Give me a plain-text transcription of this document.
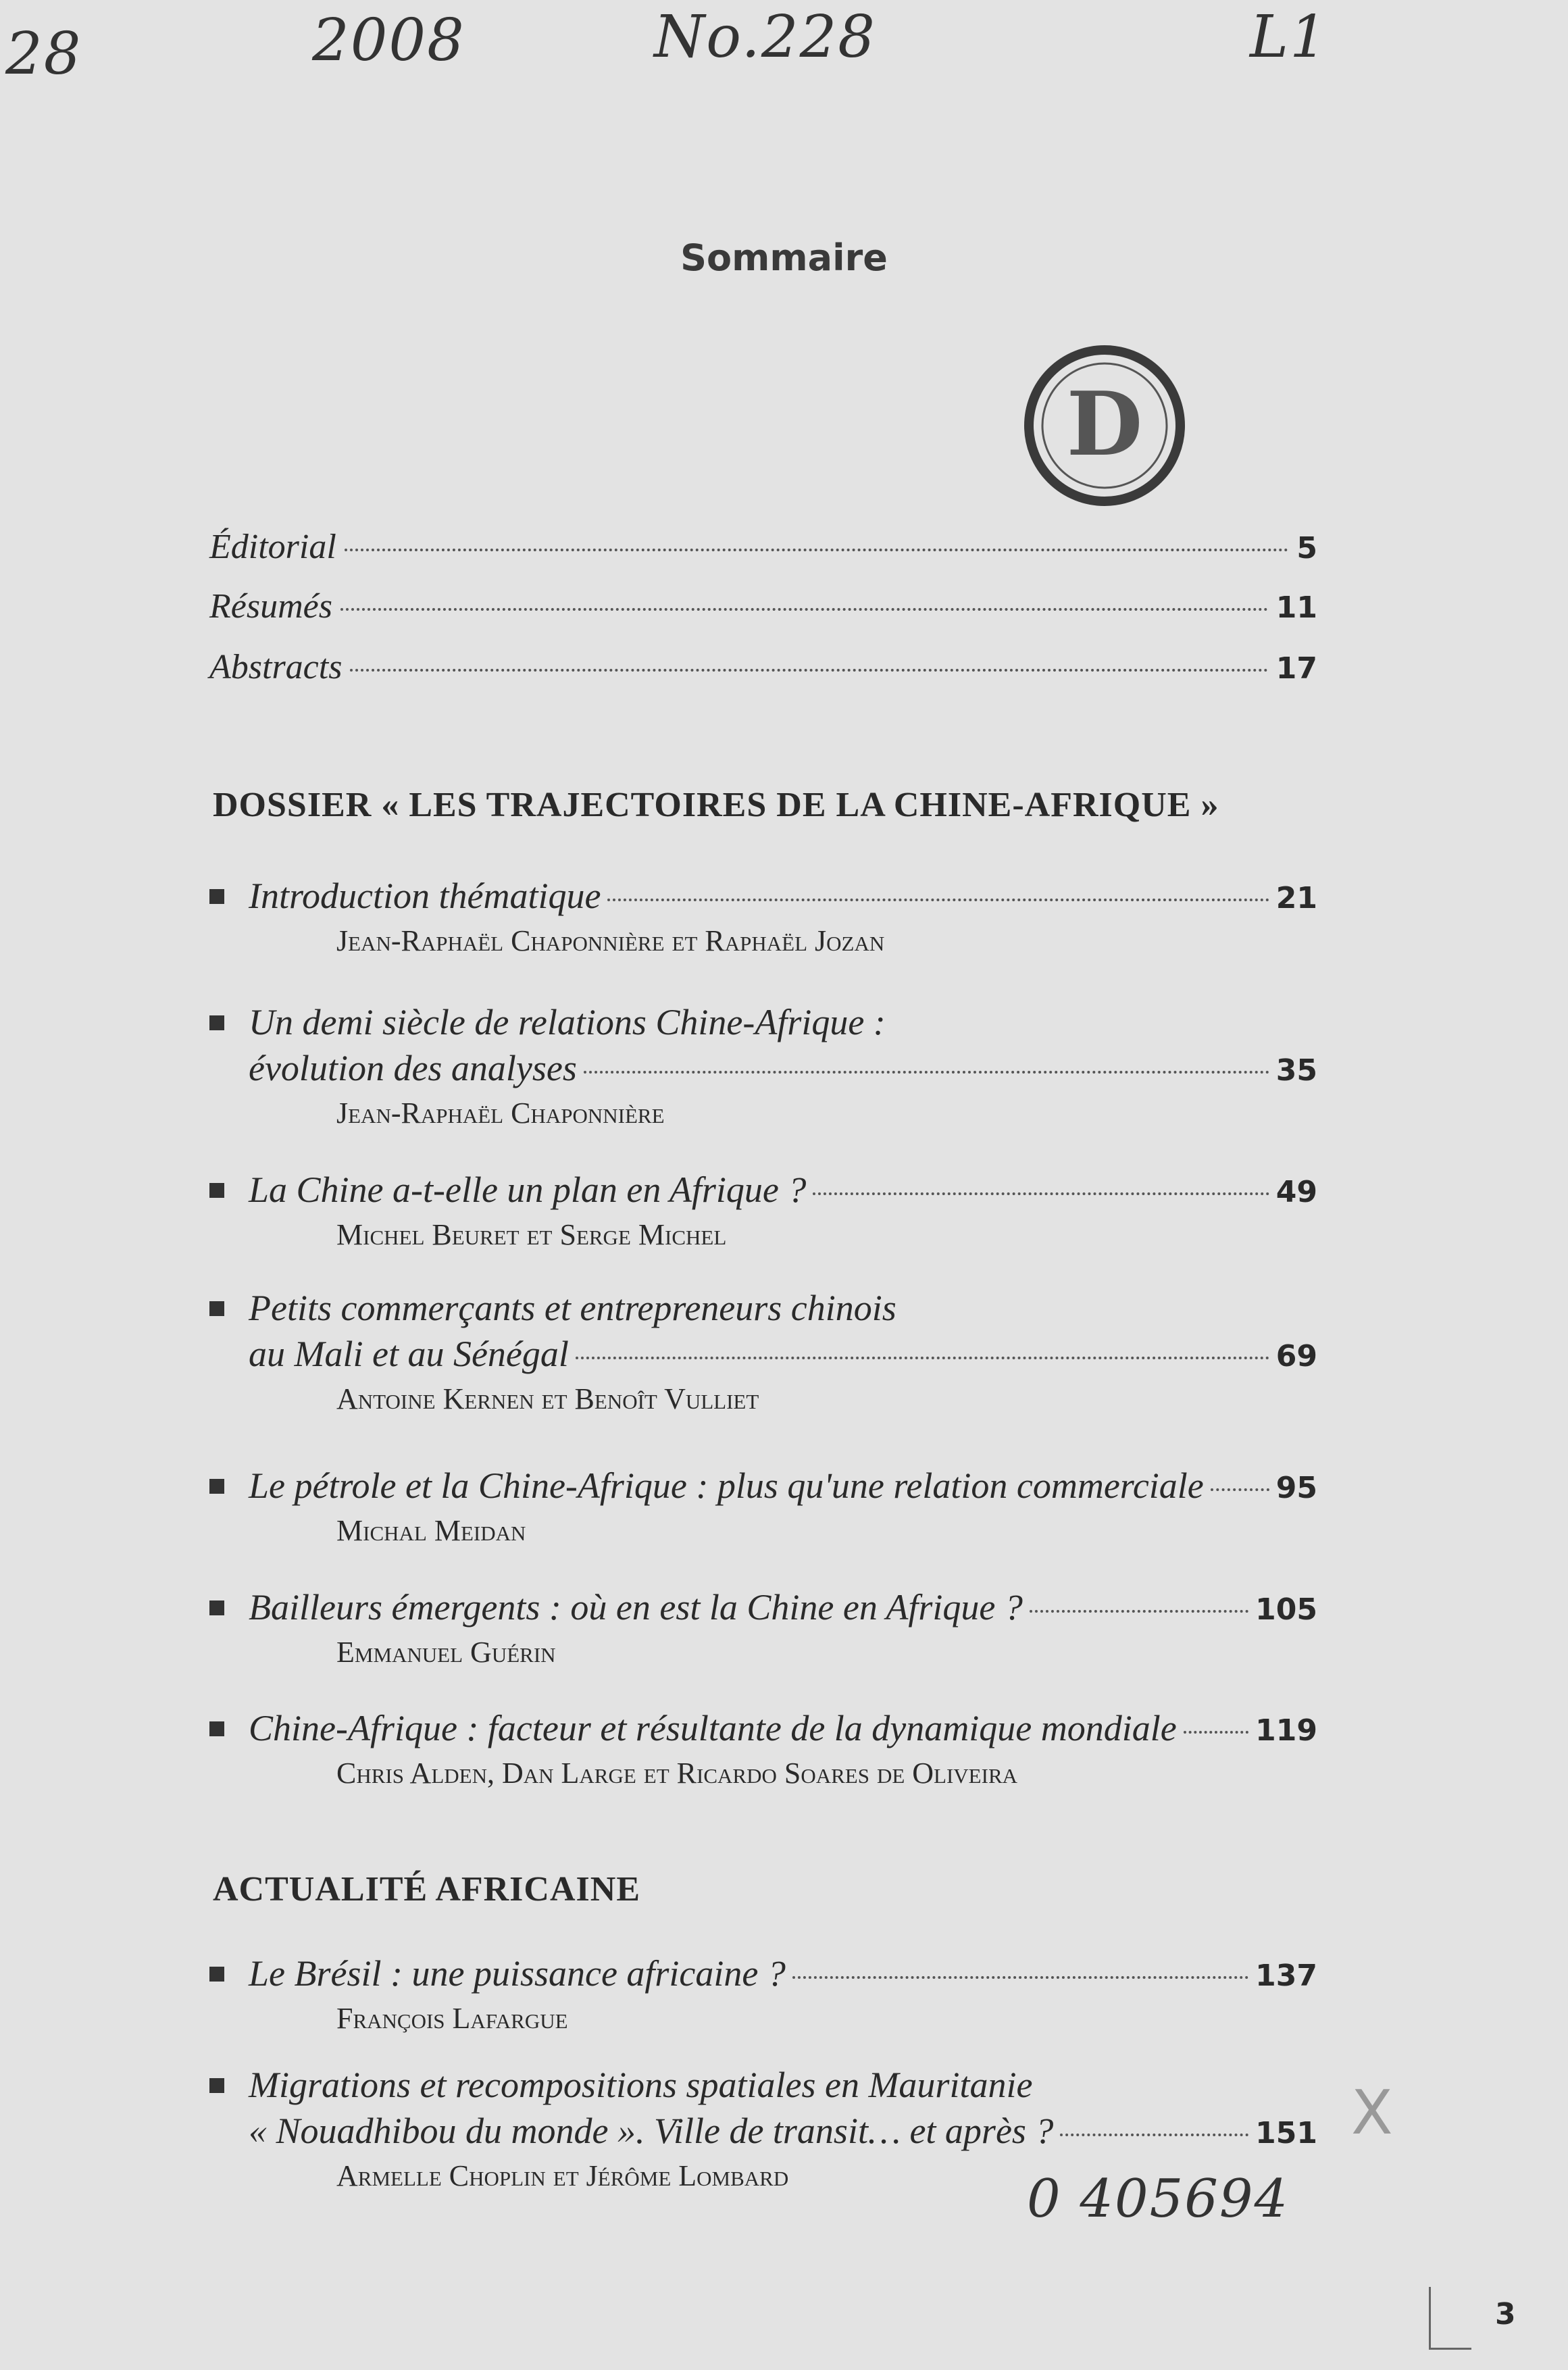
28	2008	No.228	L1
0 405694
X
Sommaire
D
Éditorial	5
Résumés	11
Abstracts	17
DOSSIER « LES TRAJECTOIRES DE LA CHINE-AFRIQUE »
Introduction thématique	21
Jean-Raphaël Chaponnière et Raphaël Jozan
Un demi siècle de relations Chine-Afrique :
évolution des analyses	35
Jean-Raphaël Chaponnière
La Chine a-t-elle un plan en Afrique ?	49
Michel Beuret et Serge Michel
Petits commerçants et entrepreneurs chinois
au Mali et au Sénégal	69
Antoine Kernen et Benoît Vulliet
Le pétrole et la Chine-Afrique : plus qu'une relation commerciale 95
Michal Meidan
Bailleurs émergents : où en est la Chine en Afrique ?	105
Emmanuel Guérin
Chine-Afrique : facteur et résultante de la dynamique mondiale	119
Chris Alden, Dan Large et Ricardo Soares de Oliveira
ACTUALITÉ AFRICAINE
Le Brésil : une puissance africaine ?	137
François Lafargue
Migrations et recompositions spatiales en Mauritanie
« Nouadhibou du monde ». Ville de transit… et après ?	151
Armelle Choplin et Jérôme Lombard
3
